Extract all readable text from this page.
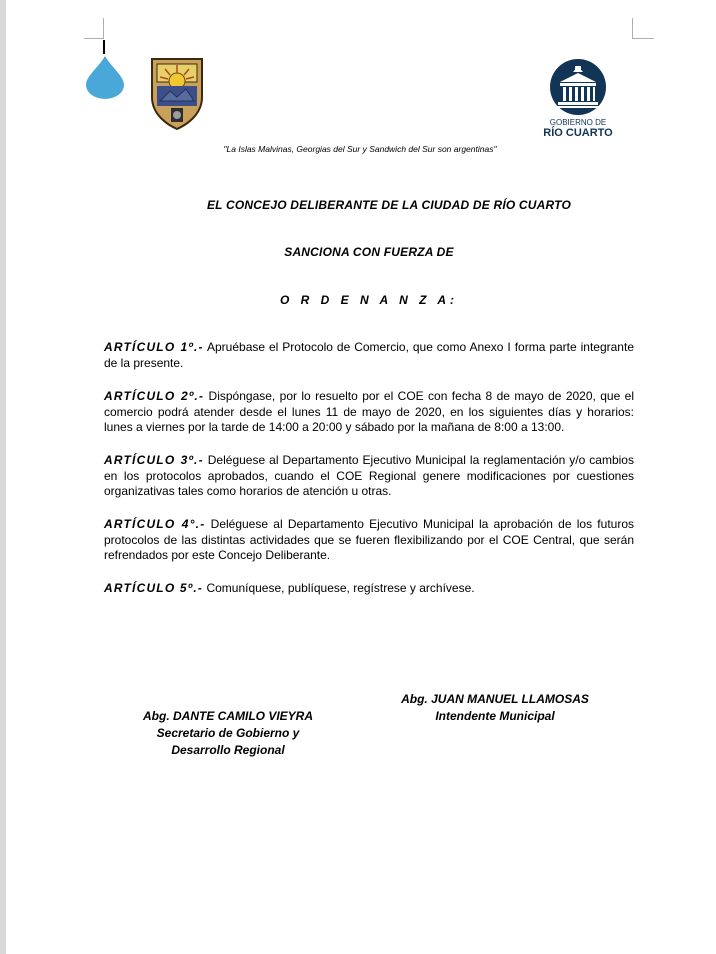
GOBIERNO DE
RÍO CUARTO
"La Islas Malvinas, Georgias del Sur y Sandwich del Sur son argentinas"
EL CONCEJO DELIBERANTE DE LA CIUDAD DE RÍO CUARTO
SANCIONA CON FUERZA DE
O R D E N A N Z A:
ARTÍCULO 1º.- Apruébase el Protocolo de Comercio, que como Anexo I forma parte integrante de la presente.
ARTÍCULO 2º.- Dispóngase, por lo resuelto por el COE con fecha 8 de mayo de 2020, que el comercio podrá atender desde el lunes 11 de mayo de 2020, en los siguientes días y horarios: lunes a viernes por la tarde de 14:00 a 20:00 y sábado por la mañana de 8:00 a 13:00.
ARTÍCULO 3º.- Deléguese al Departamento Ejecutivo Municipal la reglamentación y/o cambios en los protocolos aprobados, cuando el COE Regional genere modificaciones por cuestiones organizativas tales como horarios de atención u otras.
ARTÍCULO 4°.- Deléguese al Departamento Ejecutivo Municipal la aprobación de los futuros protocolos de las distintas actividades que se fueren flexibilizando por el COE Central, que serán refrendados por este Concejo Deliberante.
ARTÍCULO 5º.- Comuníquese, publíquese, regístrese y archívese.
Abg. DANTE CAMILO VIEYRA
Secretario de Gobierno y
Desarrollo Regional
Abg. JUAN MANUEL LLAMOSAS
Intendente Municipal
